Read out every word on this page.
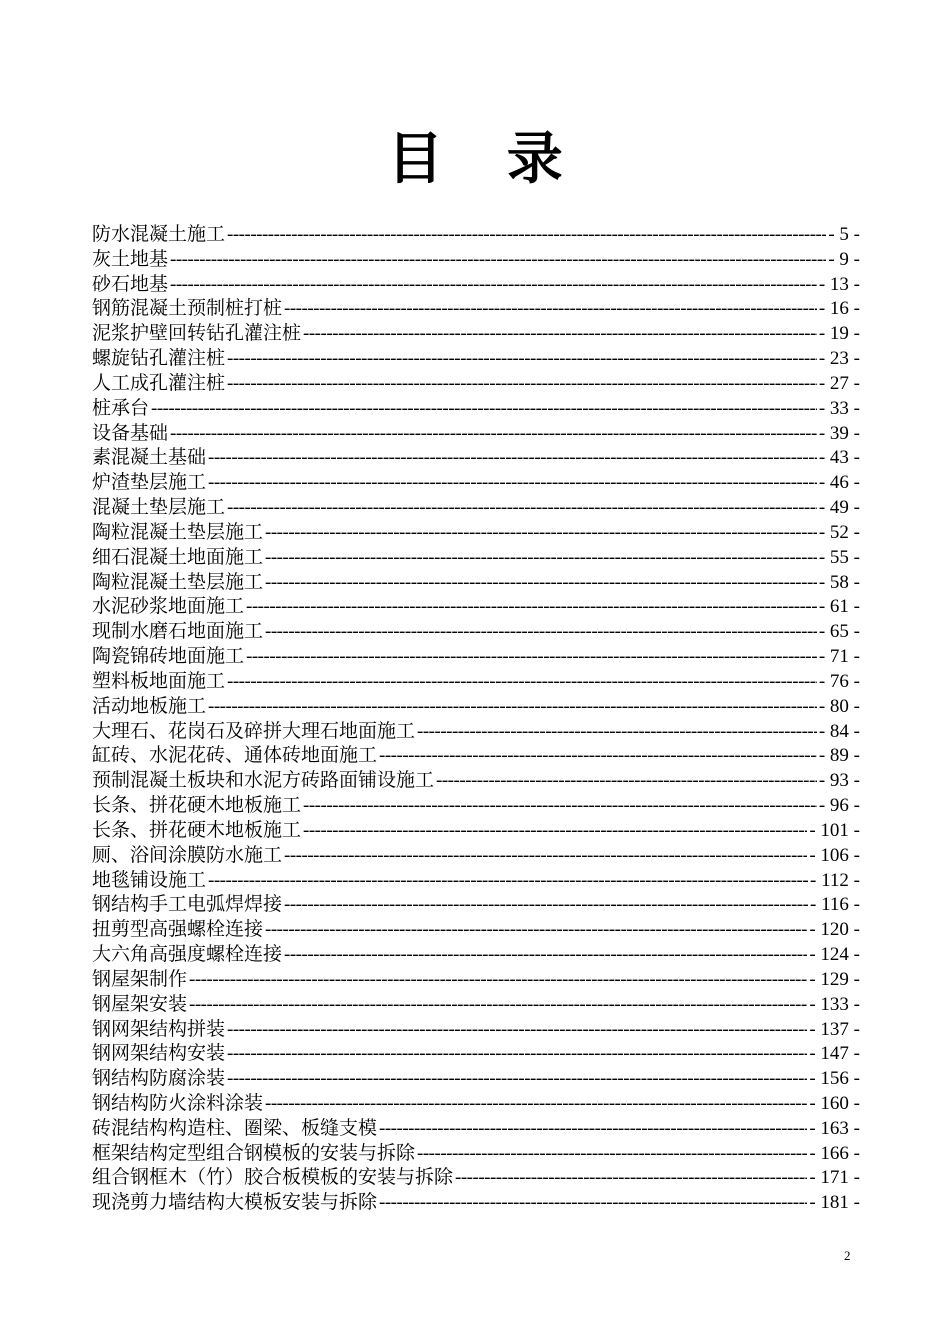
目 录
防水混凝土施工 -----	- 5 -
灰土地基 -----	- 9 -
砂石地基 -----	- 13 -
钢筋混凝土预制桩打桩 -----	- 16 -
泥浆护壁回转钻孔灌注桩 -----	- 19 -
螺旋钻孔灌注桩 -----	- 23 -
人工成孔灌注桩 -----	- 27 -
桩承台 -----	- 33 -
设备基础 -----	- 39 -
素混凝土基础 -----	- 43 -
炉渣垫层施工 -----	- 46 -
混凝土垫层施工 -----	- 49 -
陶粒混凝土垫层施工 -----	- 52 -
细石混凝土地面施工 -----	- 55 -
陶粒混凝土垫层施工 -----	- 58 -
水泥砂浆地面施工 -----	- 61 -
现制水磨石地面施工 -----	- 65 -
陶瓷锦砖地面施工 -----	- 71 -
塑料板地面施工 -----	- 76 -
活动地板施工 -----	- 80 -
大理石、花岗石及碎拼大理石地面施工 -----	- 84 -
缸砖、水泥花砖、通体砖地面施工 -----	- 89 -
预制混凝土板块和水泥方砖路面铺设施工 -----	- 93 -
长条、拼花硬木地板施工 -----	- 96 -
长条、拼花硬木地板施工 -----	- 101 -
厕、浴间涂膜防水施工 -----	- 106 -
地毯铺设施工 -----	- 112 -
钢结构手工电弧焊焊接 -----	- 116 -
扭剪型高强螺栓连接 -----	- 120 -
大六角高强度螺栓连接 -----	- 124 -
钢屋架制作 -----	- 129 -
钢屋架安装 -----	- 133 -
钢网架结构拼装 -----	- 137 -
钢网架结构安装 -----	- 147 -
钢结构防腐涂装 -----	- 156 -
钢结构防火涂料涂装 -----	- 160 -
砖混结构构造柱、圈梁、板缝支模 -----	- 163 -
框架结构定型组合钢模板的安装与拆除 -----	- 166 -
组合钢框木（竹）胶合板模板的安装与拆除 -----	- 171 -
现浇剪力墙结构大模板安装与拆除 -----	- 181 -
2
